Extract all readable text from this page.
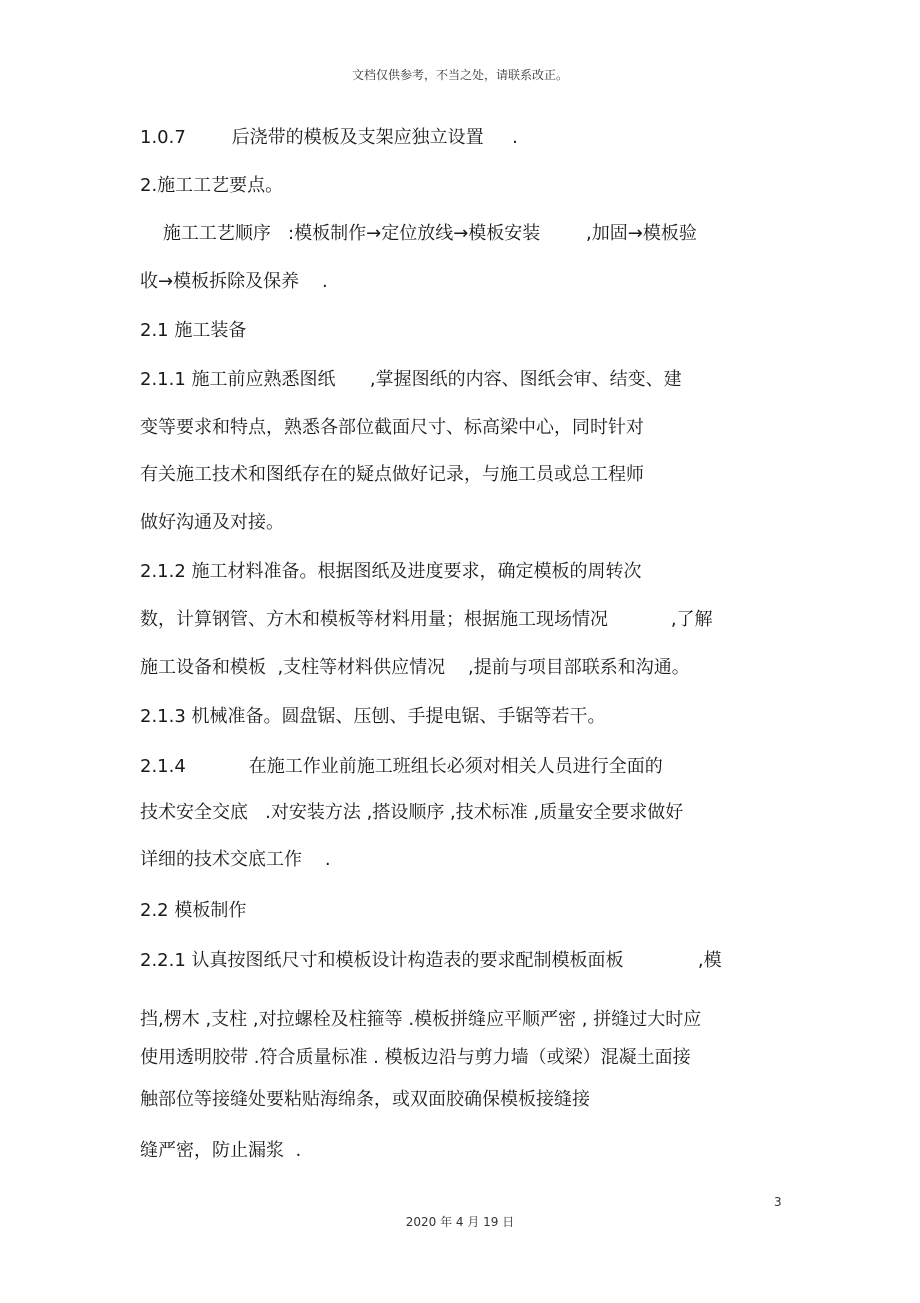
文档仅供参考，不当之处，请联系改正。
1.0.7        后浇带的模板及支架应独立设置     .
2.施工工艺要点。
施工工艺顺序   :模板制作→定位放线→模板安装        ,加固→模板验
收→模板拆除及保养    .
2.1 施工装备
2.1.1 施工前应熟悉图纸      ,掌握图纸的内容、图纸会审、结变、建
变等要求和特点，熟悉各部位截面尺寸、标高梁中心，同时针对
有关施工技术和图纸存在的疑点做好记录，与施工员或总工程师
做好沟通及对接。
2.1.2 施工材料准备。根据图纸及进度要求，确定模板的周转次
数，计算钢管、方木和模板等材料用量；根据施工现场情况           ,了解
施工设备和模板  ,支柱等材料供应情况    ,提前与项目部联系和沟通。
2.1.3 机械准备。圆盘锯、压刨、手提电锯、手锯等若干。
2.1.4           在施工作业前施工班组长必须对相关人员进行全面的
技术安全交底   .对安装方法 ,搭设顺序 ,技术标准 ,质量安全要求做好
详细的技术交底工作    .
2.2 模板制作
2.2.1 认真按图纸尺寸和模板设计构造表的要求配制模板面板             ,模
挡,楞木 ,支柱 ,对拉螺栓及柱箍等 .模板拼缝应平顺严密 , 拼缝过大时应
使用透明胶带 .符合质量标准 . 模板边沿与剪力墙（或梁）混凝土面接
触部位等接缝处要粘贴海绵条，或双面胶确保模板接缝接
缝严密，防止漏浆  .
3
2020 年 4 月 19 日
